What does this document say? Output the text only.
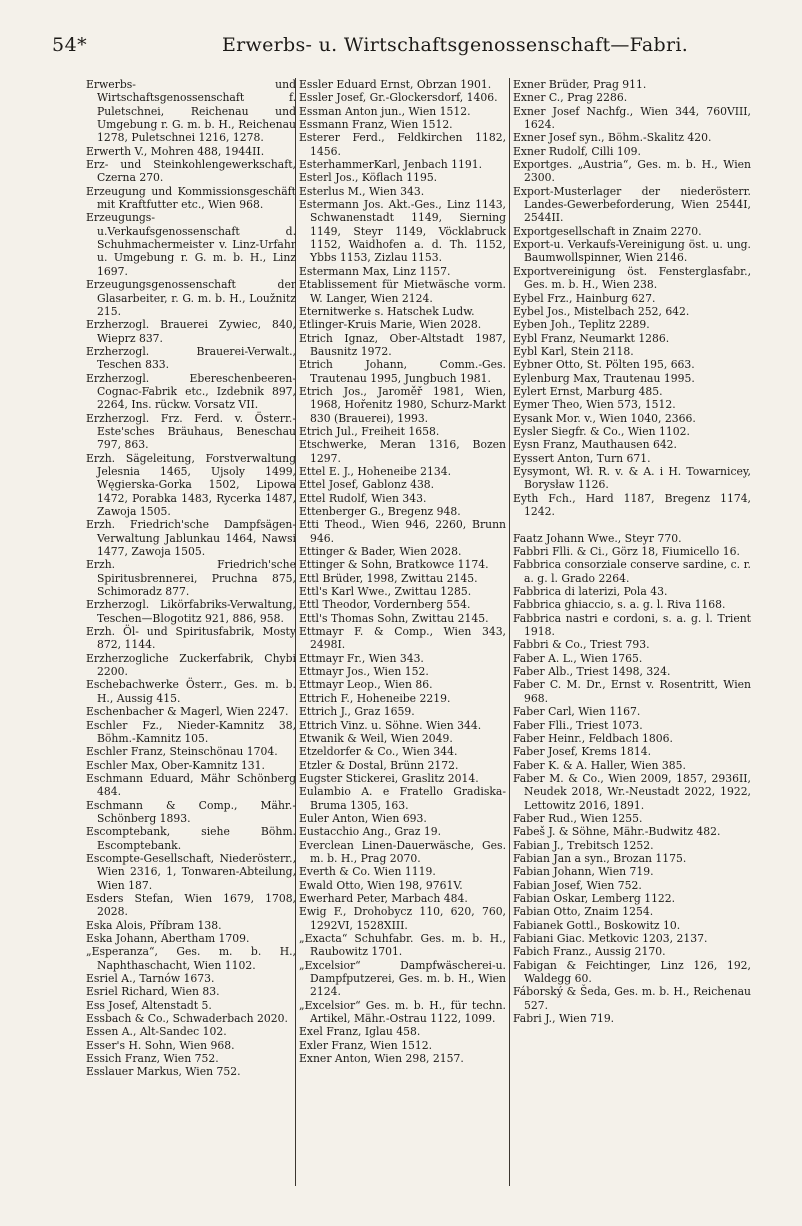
54*	Erwerbs- u. Wirtschaftsgenossenschaft—Fabri.

Erwerbs- und Wirtschaftsgenossenschaft f. Puletschnei, Reichenau und Umgebung r. G. m. b. H., Reichenau 1278, Puletschnei 1216, 1278.

Erwerth V., Mohren 488, 1944II.

Erz- und Steinkohlengewerkschaft, Czerna 270.

Erzeugung und Kommissionsgeschäft mit Kraftfutter etc., Wien 968.

Erzeugungs-u.Verkaufsgenossenschaft d. Schuhmachermeister v. Linz-Urfahr u. Umgebung r. G. m. b. H., Linz 1697.

Erzeugungsgenossenschaft der Glasarbeiter, r. G. m. b. H., Loužnitz 215.

Erzherzogl. Brauerei Zywiec, 840, Wieprz 837.

Erzherzogl. Brauerei-Verwalt., Teschen 833.

Erzherzogl. Ebereschenbeeren-Cognac-Fabrik etc., Izdebnik 897, 2264, Ins. rückw. Vorsatz VII.

Erzherzogl. Frz. Ferd. v. Österr.-Este'sches Bräuhaus, Beneschau 797, 863.

Erzh. Sägeleitung, Forstverwaltung Jelesnia 1465, Ujsoly 1499, Węgierska-Gorka 1502, Lipowa 1472, Porabka 1483, Rycerka 1487, Zawoja 1505.

Erzh. Friedrich'sche Dampfsägen-Verwaltung Jablunkau 1464, Nawsi 1477, Zawoja 1505.

Erzh. Friedrich'sche Spiritusbrennerei, Pruchna 875, Schimoradz 877.

Erzherzogl. Likörfabriks-Verwaltung, Teschen—Blogotitz 921, 886, 958.

Erzh. Öl- und Spiritusfabrik, Mosty 872, 1144.

Erzherzogliche Zuckerfabrik, Chybi 2200.

Eschebachwerke Österr., Ges. m. b. H., Aussig 415.

Eschenbacher & Magerl, Wien 2247.

Eschler Fz., Nieder-Kamnitz 38, Böhm.-Kamnitz 105.

Eschler Franz, Steinschönau 1704.

Eschler Max, Ober-Kamnitz 131.

Eschmann Eduard, Mähr Schönberg 484.

Eschmann & Comp., Mähr.-Schönberg 1893.

Escomptebank, siehe Böhm. Escomptebank.

Escompte-Gesellschaft, Niederösterr., Wien 2316, 1, Tonwaren-Abteilung, Wien 187.

Esders Stefan, Wien 1679, 1708, 2028.

Eska Alois, Příbram 138.

Eska Johann, Abertham 1709.

„Esperanza“, Ges. m. b. H., Naphthaschacht, Wien 1102.

Esriel A., Tarnów 1673.

Esriel Richard, Wien 83.

Ess Josef, Altenstadt 5.

Essbach & Co., Schwaderbach 2020.

Essen A., Alt-Sandec 102.

Esser's H. Sohn, Wien 968.

Essich Franz, Wien 752.

Esslauer Markus, Wien 752.

Essler Eduard Ernst, Obrzan 1901.

Essler Josef, Gr.-Glockersdorf, 1406.

Essman Anton jun., Wien 1512.

Essmann Franz, Wien 1512.

Esterer Ferd., Feldkirchen 1182, 1456.

EsterhammerKarl, Jenbach 1191.

Esterl Jos., Köflach 1195.

Esterlus M., Wien 343.

Estermann Jos. Akt.-Ges., Linz 1143, Schwanenstadt 1149, Sierning 1149, Steyr 1149, Vöcklabruck 1152, Waidhofen a. d. Th. 1152, Ybbs 1153, Zizlau 1153.

Estermann Max, Linz 1157.

Etablissement für Mietwäsche vorm. W. Langer, Wien 2124.

Eternitwerke s. Hatschek Ludw.

Etlinger-Kruis Marie, Wien 2028.

Etrich Ignaz, Ober-Altstadt 1987, Bausnitz 1972.

Etrich Johann, Comm.-Ges. Trautenau 1995, Jungbuch 1981.

Etrich Jos., Jaroměř 1981, Wien, 1968, Hořenitz 1980, Schurz-Markt 830 (Brauerei), 1993.

Etrich Jul., Freiheit 1658.

Etschwerke, Meran 1316, Bozen 1297.

Ettel E. J., Hoheneibe 2134.

Ettel Josef, Gablonz 438.

Ettel Rudolf, Wien 343.

Ettenberger G., Bregenz 948.

Etti Theod., Wien 946, 2260, Brunn 946.

Ettinger & Bader, Wien 2028.

Ettinger & Sohn, Bratkowce 1174.

Ettl Brüder, 1998, Zwittau 2145.

Ettl's Karl Wwe., Zwittau 1285.

Ettl Theodor, Vordernberg 554.

Ettl's Thomas Sohn, Zwittau 2145.

Ettmayr F. & Comp., Wien 343, 2498I.

Ettmayr Fr., Wien 343.

Ettmayr Jos., Wien 152.

Ettmayr Leop., Wien 86.

Ettrich F., Hoheneibe 2219.

Ettrich J., Graz 1659.

Ettrich Vinz. u. Söhne. Wien 344.

Etwanik & Weil, Wien 2049.

Etzeldorfer & Co., Wien 344.

Etzler & Dostal, Brünn 2172.

Eugster Stickerei, Graslitz 2014.

Eulambio A. e Fratello Gradiska-Bruma 1305, 163.

Euler Anton, Wien 693.

Eustacchio Ang., Graz 19.

Everclean Linen-Dauerwäsche, Ges. m. b. H., Prag 2070.

Everth & Co. Wien 1119.

Ewald Otto, Wien 198, 9761V.

Ewerhard Peter, Marbach 484.

Ewig F., Drohobycz 110, 620, 760, 1292VI, 1528XIII.

„Exacta“ Schuhfabr. Ges. m. b. H., Raubowitz 1701.

„Excelsior“ Dampfwäscherei-u. Dampfputzerei, Ges. m. b. H., Wien 2124.

„Excelsior“ Ges. m. b. H., für techn. Artikel, Mähr.-Ostrau 1122, 1099.

Exel Franz, Iglau 458.

Exler Franz, Wien 1512.

Exner Anton, Wien 298, 2157.

Exner Brüder, Prag 911.

Exner C., Prag 2286.

Exner Josef Nachfg., Wien 344, 760VIII, 1624.

Exner Josef syn., Böhm.-Skalitz 420.

Exner Rudolf, Cilli 109.

Exportges. „Austria“, Ges. m. b. H., Wien 2300.

Export-Musterlager der niederösterr. Landes-Gewerbeforderung, Wien 2544I, 2544II.

Exportgesellschaft in Znaim 2270.

Export-u. Verkaufs-Vereinigung öst. u. ung. Baumwollspinner, Wien 2146.

Exportvereinigung öst. Fensterglasfabr., Ges. m. b. H., Wien 238.

Eybel Frz., Hainburg 627.

Eybel Jos., Mistelbach 252, 642.

Eyben Joh., Teplitz 2289.

Eybl Franz, Neumarkt 1286.

Eybl Karl, Stein 2118.

Eybner Otto, St. Pölten 195, 663.

Eylenburg Max, Trautenau 1995.

Eylert Ernst, Marburg 485.

Eymer Theo, Wien 573, 1512.

Eysank Mor. v., Wien 1040, 2366.

Eysler Siegfr. & Co., Wien 1102.

Eysn Franz, Mauthausen 642.

Eyssert Anton, Turn 671.

Eysymont, Wł. R. v. & A. i H. Towarnicey, Borysław 1126.

Eyth Fch., Hard 1187, Bregenz 1174, 1242.

Faatz Johann Wwe., Steyr 770.

Fabbri Flli. & Ci., Görz 18, Fiumicello 16.

Fabbrica consorziale conserve sardine, c. r. a. g. l. Grado 2264.

Fabbrica di laterizi, Pola 43.

Fabbrica ghiaccio, s. a. g. l. Riva 1168.

Fabbrica nastri e cordoni, s. a. g. l. Trient 1918.

Fabbri & Co., Triest 793.

Faber A. L., Wien 1765.

Faber Alb., Triest 1498, 324.

Faber C. M. Dr., Ernst v. Rosentritt, Wien 968.

Faber Carl, Wien 1167.

Faber Flli., Triest 1073.

Faber Heinr., Feldbach 1806.

Faber Josef, Krems 1814.

Faber K. & A. Haller, Wien 385.

Faber M. & Co., Wien 2009, 1857, 2936II, Neudek 2018, Wr.-Neustadt 2022, 1922, Lettowitz 2016, 1891.

Faber Rud., Wien 1255.

Fabeš J. & Söhne, Mähr.-Budwitz 482.

Fabian J., Trebitsch 1252.

Fabian Jan a syn., Brozan 1175.

Fabian Johann, Wien 719.

Fabian Josef, Wien 752.

Fabian Oskar, Lemberg 1122.

Fabian Otto, Znaim 1254.

Fabianek Gottl., Boskowitz 10.

Fabiani Giac. Metkovic 1203, 2137.

Fabich Franz., Aussig 2170.

Fabigan & Feichtinger, Linz 126, 192, Waldegg 60.

Fáborský & Šeda, Ges. m. b. H., Reichenau 527.

Fabri J., Wien 719.
